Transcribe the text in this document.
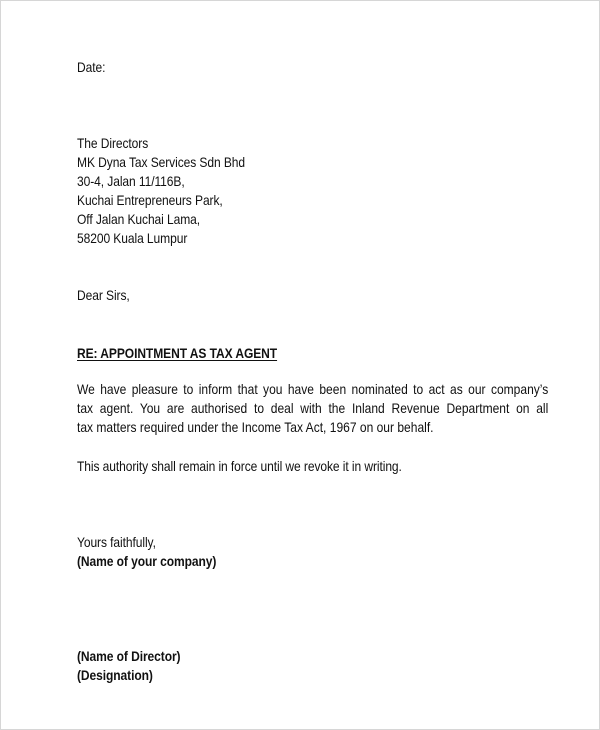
Date:
The Directors
MK Dyna Tax Services Sdn Bhd
30-4, Jalan 11/116B,
Kuchai Entrepreneurs Park,
Off Jalan Kuchai Lama,
58200 Kuala Lumpur
Dear Sirs,
RE: APPOINTMENT AS TAX AGENT
We have pleasure to inform that you have been nominated to act as our company’s
tax agent. You are authorised to deal with the Inland Revenue Department on all
tax matters required under the Income Tax Act, 1967 on our behalf.
This authority shall remain in force until we revoke it in writing.
Yours faithfully,
(Name of your company)
(Name of Director)
(Designation)
